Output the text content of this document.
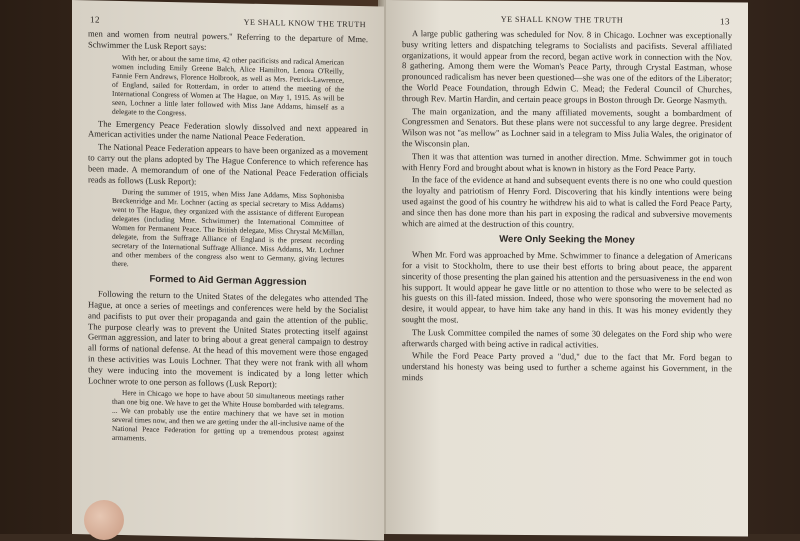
12	YE SHALL KNOW THE TRUTH

men and women from neutral powers." Referring to the departure of Mme. Schwimmer the Lusk Report says:

With her, or about the same time, 42 other pacificists and radical American women including Emily Greene Balch, Alice Hamilton, Lenora O'Reilly, Fannie Fern Andrews, Florence Holbrook, as well as Mrs. Petrick-Lawrence, of England, sailed for Rotterdam, in order to attend the meeting of the International Congress of Women at The Hague, on May 1, 1915. As will be seen, Lochner a little later followed with Miss Jane Addams, himself as a delegate to the Congress.

The Emergency Peace Federation slowly dissolved and next appeared in American activities under the name National Peace Federation.

The National Peace Federation appears to have been organized as a movement to carry out the plans adopted by The Hague Conference to which reference has been made. A memorandum of one of the National Peace Federation officials reads as follows (Lusk Report):

During the summer of 1915, when Miss Jane Addams, Miss Sophonisba Breckenridge and Mr. Lochner (acting as special secretary to Miss Addams) went to The Hague, they organized with the assistance of different European delegates (including Mme. Schwimmer) the International Committee of Women for Permanent Peace. The British delegate, Miss Chrystal McMillan, delegate, from the Suffrage Alliance of England is the present recording secretary of the International Suffrage Alliance. Miss Addams, Mr. Lochner and other members of the congress also went to Germany, giving lectures there.
Formed to Aid German Aggression

Following the return to the United States of the delegates who attended The Hague, at once a series of meetings and conferences were held by the Socialist and pacifists to put over their propaganda and gain the attention of the public. The purpose clearly was to prevent the United States protecting itself against German aggression, and later to bring about a great general campaign to destroy all forms of national defense. At the head of this movement were those engaged in these activities was Louis Lochner. That they were not frank with all whom they were inducing into the movement is indicated by a long letter which Lochner wrote to one person as follows (Lusk Report):

Here in Chicago we hope to have about 50 simultaneous meetings rather than one big one. We have to get the White House bombarded with telegrams. ... We can probably use the entire machinery that we have set in motion several times now, and then we are getting under the all-inclusive name of the National Peace Federation for getting up a tremendous protest against armaments.
YE SHALL KNOW THE TRUTH	13

A large public gathering was scheduled for Nov. 8 in Chicago. Lochner was exceptionally busy writing letters and dispatching telegrams to Socialists and pacifists. Several affiliated organizations, it would appear from the record, began active work in connection with the Nov. 8 gathering. Among them were the Woman's Peace Party, through Crystal Eastman, whose pronounced radicalism has never been questioned—she was one of the editors of the Liberator; the World Peace Foundation, through Edwin C. Mead; the Federal Council of Churches, through Rev. Martin Hardin, and certain peace groups in Boston through Dr. George Nasmyth.

The main organization, and the many affiliated movements, sought a bombardment of Congressmen and Senators. But these plans were not successful to any large degree. President Wilson was not "as mellow" as Lochner said in a telegram to Miss Julia Wales, the originator of the Wisconsin plan.

Then it was that attention was turned in another direction. Mme. Schwimmer got in touch with Henry Ford and brought about what is known in history as the Ford Peace Party.

In the face of the evidence at hand and subsequent events there is no one who could question the loyalty and patriotism of Henry Ford. Discovering that his kindly intentions were being used against the good of his country he withdrew his aid to what is called the Ford Peace Party, and since then has done more than his part in exposing the radical and subversive movements which are aimed at the destruction of this country.

Were Only Seeking the Money

When Mr. Ford was approached by Mme. Schwimmer to finance a delegation of Americans for a visit to Stockholm, there to use their best efforts to bring about peace, the apparent sincerity of those presenting the plan gained his attention and the persuasiveness in the end won his support. It would appear he gave little or no attention to those who were to be selected as his guests on this ill-fated mission. Indeed, those who were sponsoring the movement had no desire, it would appear, to have him take any hand in this. It was his money evidently they sought the most.

The Lusk Committee compiled the names of some 30 delegates on the Ford ship who were afterwards charged with being active in radical activities.

While the Ford Peace Party proved a "dud," due to the fact that Mr. Ford began to understand his honesty was being used to further a scheme against his Government, in the minds
